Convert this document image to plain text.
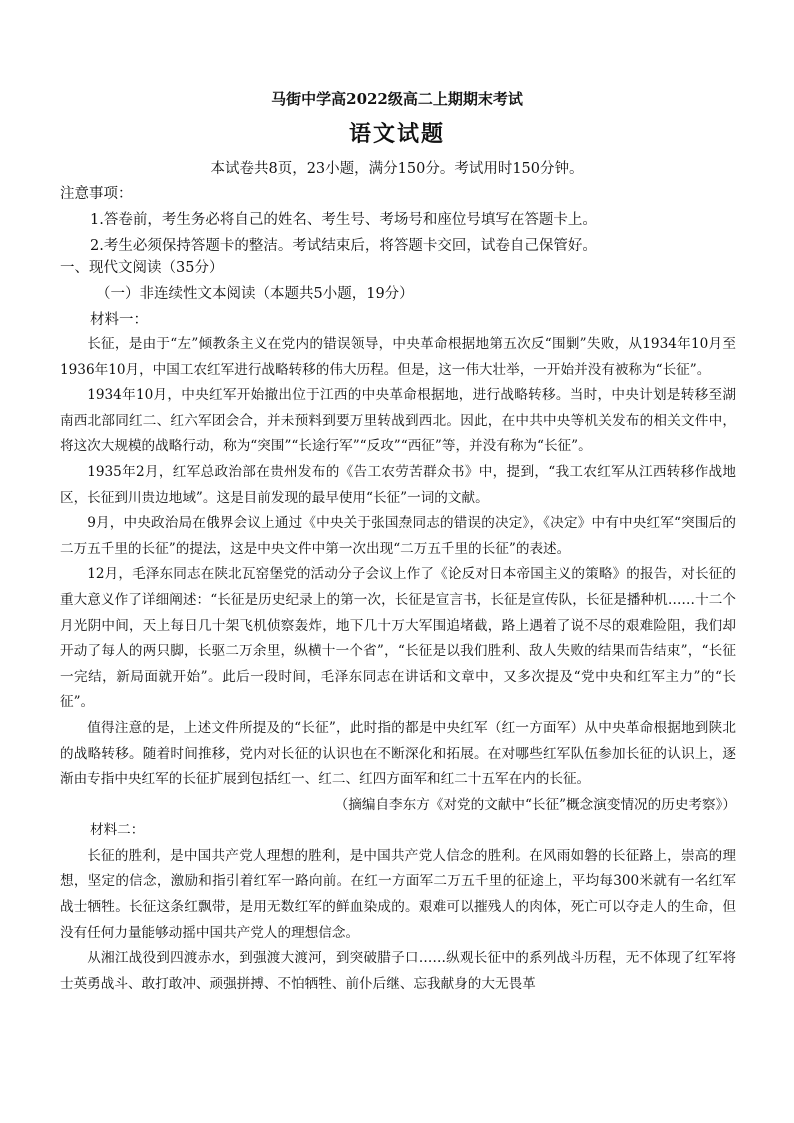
马街中学高2022级高二上期期末考试
语文试题
本试卷共8页，23小题，满分150分。考试用时150分钟。
注意事项：
1.答卷前，考生务必将自己的姓名、考生号、考场号和座位号填写在答题卡上。
2.考生必须保持答题卡的整洁。考试结束后，将答题卡交回，试卷自己保管好。
一、现代文阅读（35分）
（一）非连续性文本阅读（本题共5小题，19分）
材料一：

长征，是由于“左”倾教条主义在党内的错误领导，中央革命根据地第五次反“围剿”失败，从1934年10月至1936年10月，中国工农红军进行战略转移的伟大历程。但是，这一伟大壮举，一开始并没有被称为“长征”。

1934年10月，中央红军开始撤出位于江西的中央革命根据地，进行战略转移。当时，中央计划是转移至湖南西北部同红二、红六军团会合，并未预料到要万里转战到西北。因此，在中共中央等机关发布的相关文件中，将这次大规模的战略行动，称为“突围”“长途行军”“反攻”“西征”等，并没有称为“长征”。

1935年2月，红军总政治部在贵州发布的《告工农劳苦群众书》中，提到，“我工农红军从江西转移作战地区，长征到川贵边地域”。这是目前发现的最早使用“长征”一词的文献。

9月，中央政治局在俄界会议上通过《中央关于张国焘同志的错误的决定》，《决定》中有中央红军“突围后的二万五千里的长征”的提法，这是中央文件中第一次出现“二万五千里的长征”的表述。

12月，毛泽东同志在陕北瓦窑堡党的活动分子会议上作了《论反对日本帝国主义的策略》的报告，对长征的重大意义作了详细阐述：“长征是历史纪录上的第一次，长征是宣言书，长征是宣传队，长征是播种机……十二个月光阴中间，天上每日几十架飞机侦察轰炸，地下几十万大军围追堵截，路上遇着了说不尽的艰难险阻，我们却开动了每人的两只脚，长驱二万余里，纵横十一个省”，“长征是以我们胜利、敌人失败的结果而告结束”，“长征一完结，新局面就开始”。此后一段时间，毛泽东同志在讲话和文章中，又多次提及“党中央和红军主力”的“长征”。

值得注意的是，上述文件所提及的“长征”，此时指的都是中央红军（红一方面军）从中央革命根据地到陕北的战略转移。随着时间推移，党内对长征的认识也在不断深化和拓展。在对哪些红军队伍参加长征的认识上，逐渐由专指中央红军的长征扩展到包括红一、红二、红四方面军和红二十五军在内的长征。

（摘编自李东方《对党的文献中“长征”概念演变情况的历史考察》）

材料二：

长征的胜利，是中国共产党人理想的胜利，是中国共产党人信念的胜利。在风雨如磐的长征路上，崇高的理想，坚定的信念，激励和指引着红军一路向前。在红一方面军二万五千里的征途上，平均每300米就有一名红军战士牺牲。长征这条红飘带，是用无数红军的鲜血染成的。艰难可以摧残人的肉体，死亡可以夺走人的生命，但没有任何力量能够动摇中国共产党人的理想信念。

从湘江战役到四渡赤水，到强渡大渡河，到突破腊子口……纵观长征中的系列战斗历程，无不体现了红军将士英勇战斗、敢打敢冲、顽强拼搏、不怕牺牲、前仆后继、忘我献身的大无畏革
